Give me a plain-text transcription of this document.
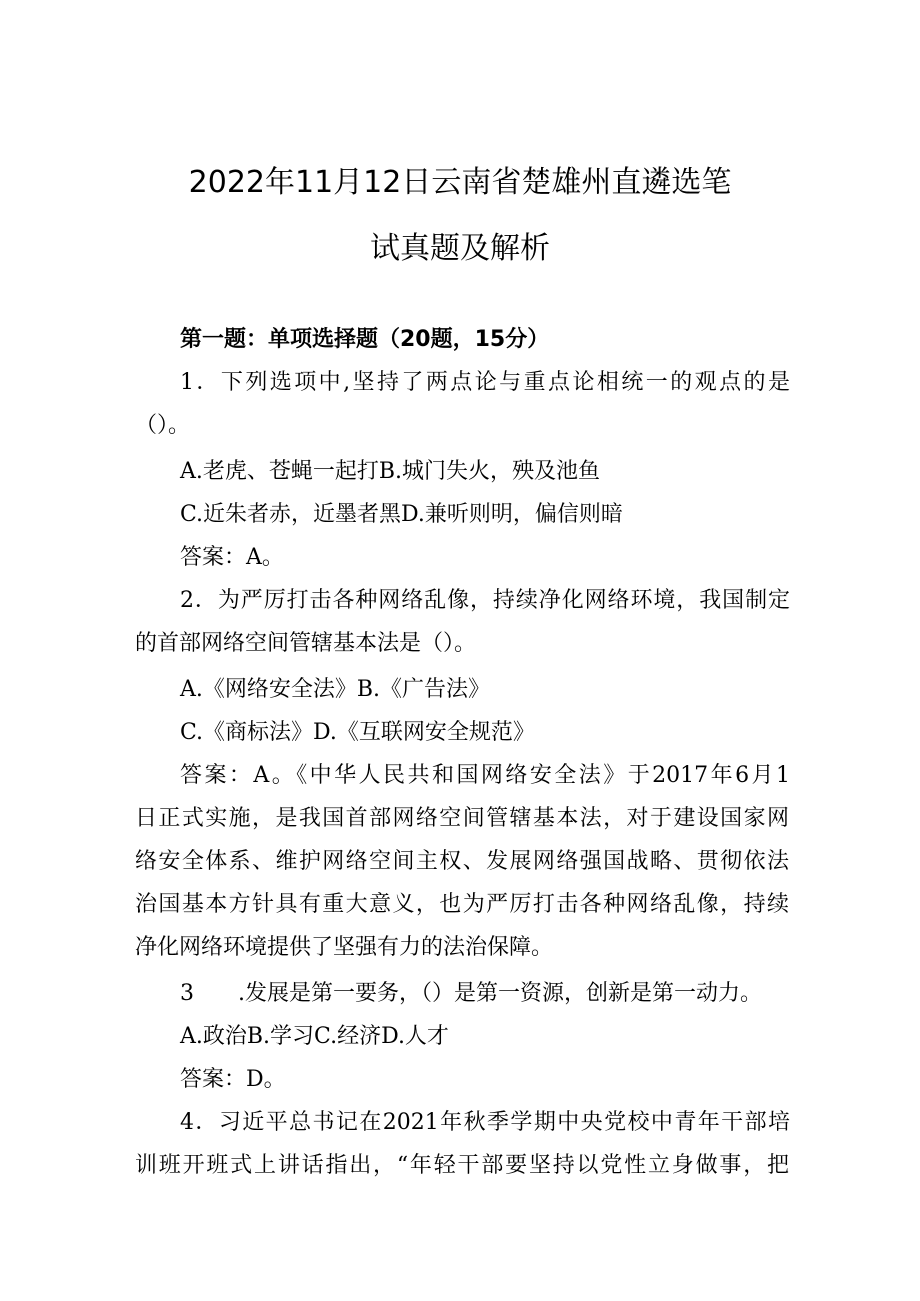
2022年11月12日云南省楚雄州直遴选笔
试真题及解析
第一题：单项选择题（20题，15分）
1．下列选项中,坚持了两点论与重点论相统一的观点的是
（）。
A.老虎、苍蝇一起打B.城门失火，殃及池鱼
C.近朱者赤，近墨者黑D.兼听则明，偏信则暗
答案：A。
2．为严厉打击各种网络乱像，持续净化网络环境，我国制定
的首部网络空间管辖基本法是（）。
A.《网络安全法》B.《广告法》
C.《商标法》D.《互联网安全规范》
答案：A。《中华人民共和国网络安全法》于2017年6月1
日正式实施，是我国首部网络空间管辖基本法，对于建设国家网
络安全体系、维护网络空间主权、发展网络强国战略、贯彻依法
治国基本方针具有重大意义，也为严厉打击各种网络乱像，持续
净化网络环境提供了坚强有力的法治保障。
3　　.发展是第一要务，（）是第一资源，创新是第一动力。
A.政治B.学习C.经济D.人才
答案：D。
4．习近平总书记在2021年秋季学期中央党校中青年干部培
训班开班式上讲话指出，“年轻干部要坚持以党性立身做事，把
